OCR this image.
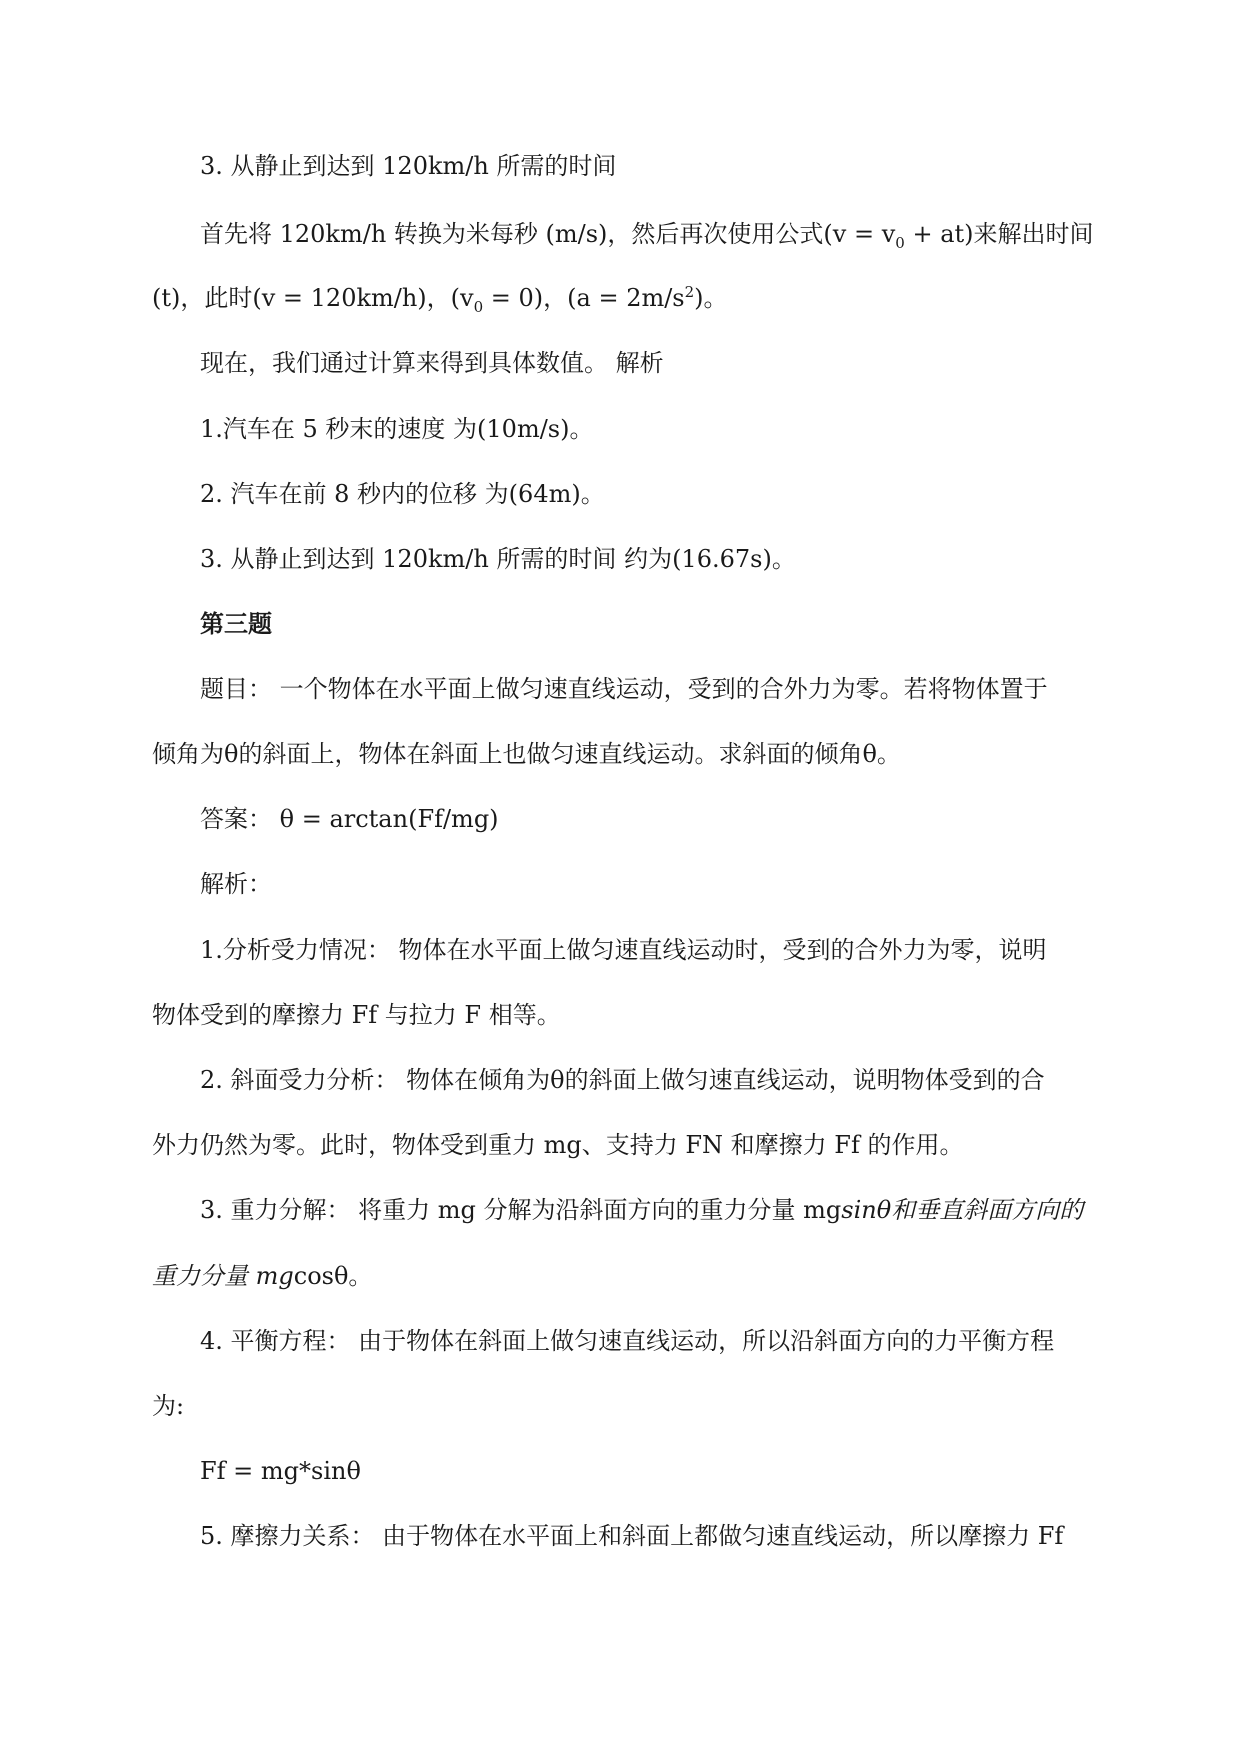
3. 从静止到达到 120km/h 所需的时间
首先将 120km/h 转换为米每秒 (m/s)，然后再次使用公式$(v = v_0 + at)$来解出时间
(t)，此时(v = 120km/h)，$(v_0 = 0)$，$(a = 2m/s^2)$。
现在，我们通过计算来得到具体数值。 解析
1.汽车在 5 秒末的速度 为(10m/s)。
2. 汽车在前 8 秒内的位移 为(64m)。
3. 从静止到达到 120km/h 所需的时间 约为(16.67s)。
第三题
题目： 一个物体在水平面上做匀速直线运动，受到的合外力为零。若将物体置于
倾角为θ的斜面上，物体在斜面上也做匀速直线运动。求斜面的倾角θ。
答案： θ = arctan(Ff/mg)
解析：
1.分析受力情况： 物体在水平面上做匀速直线运动时，受到的合外力为零，说明
物体受到的摩擦力 Ff 与拉力 F 相等。
2. 斜面受力分析： 物体在倾角为θ的斜面上做匀速直线运动，说明物体受到的合
外力仍然为零。此时，物体受到重力 mg、支持力 FN 和摩擦力 Ff 的作用。
3. 重力分解： 将重力 mg 分解为沿斜面方向的重力分量 mgsinθ和垂直斜面方向的
重力分量 mgcosθ。
4. 平衡方程： 由于物体在斜面上做匀速直线运动，所以沿斜面方向的力平衡方程
为:
Ff = mg*sinθ
5. 摩擦力关系： 由于物体在水平面上和斜面上都做匀速直线运动，所以摩擦力 Ff
